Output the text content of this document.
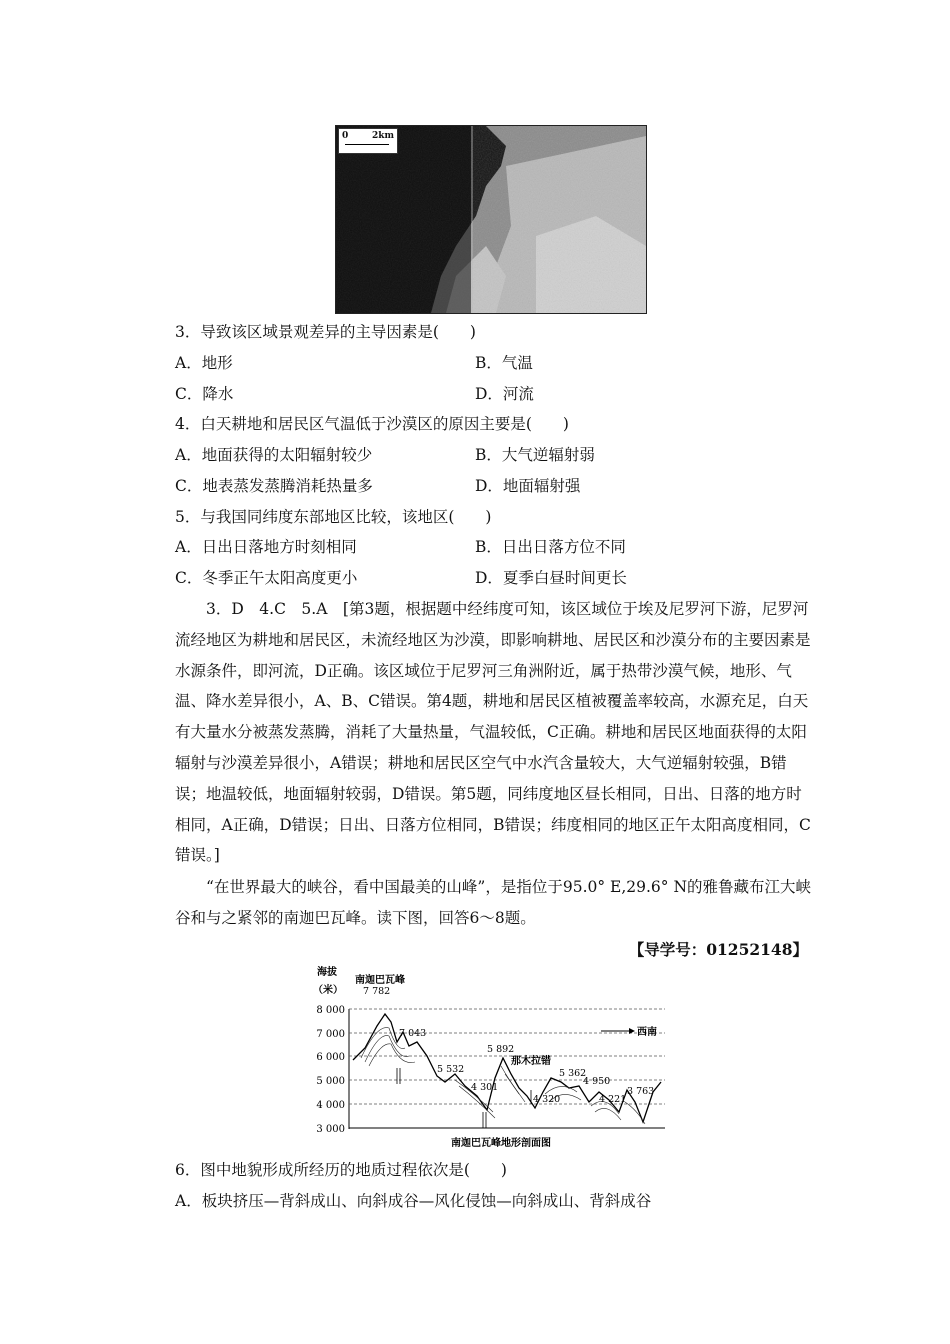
0	2km
3．导致该区域景观差异的主导因素是(　　)
A．地形	B．气温
C．降水	D．河流
4．白天耕地和居民区气温低于沙漠区的原因主要是(　　)
A．地面获得的太阳辐射较少	B．大气逆辐射弱
C．地表蒸发蒸腾消耗热量多	D．地面辐射强
5．与我国同纬度东部地区比较，该地区(　　)
A．日出日落地方时刻相同	B．日出日落方位不同
C．冬季正午太阳高度更小	D．夏季白昼时间更长

3．D　4.C　5.A　[第3题，根据题中经纬度可知，该区域位于埃及尼罗河下游，尼罗河流经地区为耕地和居民区，未流经地区为沙漠，即影响耕地、居民区和沙漠分布的主要因素是水源条件，即河流，D正确。该区域位于尼罗河三角洲附近，属于热带沙漠气候，地形、气温、降水差异很小，A、B、C错误。第4题，耕地和居民区植被覆盖率较高，水源充足，白天有大量水分被蒸发蒸腾，消耗了大量热量，气温较低，C正确。耕地和居民区地面获得的太阳辐射与沙漠差异很小，A错误；耕地和居民区空气中水汽含量较大，大气逆辐射较强，B错误；地温较低，地面辐射较弱，D错误。第5题，同纬度地区昼长相同，日出、日落的地方时相同，A正确，D错误；日出、日落方位相同，B错误；纬度相同的地区正午太阳高度相同，C错误。]

“在世界最大的峡谷，看中国最美的山峰”，是指位于95.0° E,29.6° N的雅鲁藏布江大峡谷和与之紧邻的南迦巴瓦峰。读下图，回答6～8题。

【导学号：01252148】
海拔
（米）
南迦巴瓦峰
8 000
7 000
6 000
5 000
4 000
3 000
7 782
7 043
5 532
5 892
4 301
4 320
5 362
4 950
4 221
3 763
那木拉错
西南
南迦巴瓦峰地形剖面图
6．图中地貌形成所经历的地质过程依次是(　　)
A．板块挤压—背斜成山、向斜成谷—风化侵蚀—向斜成山、背斜成谷
